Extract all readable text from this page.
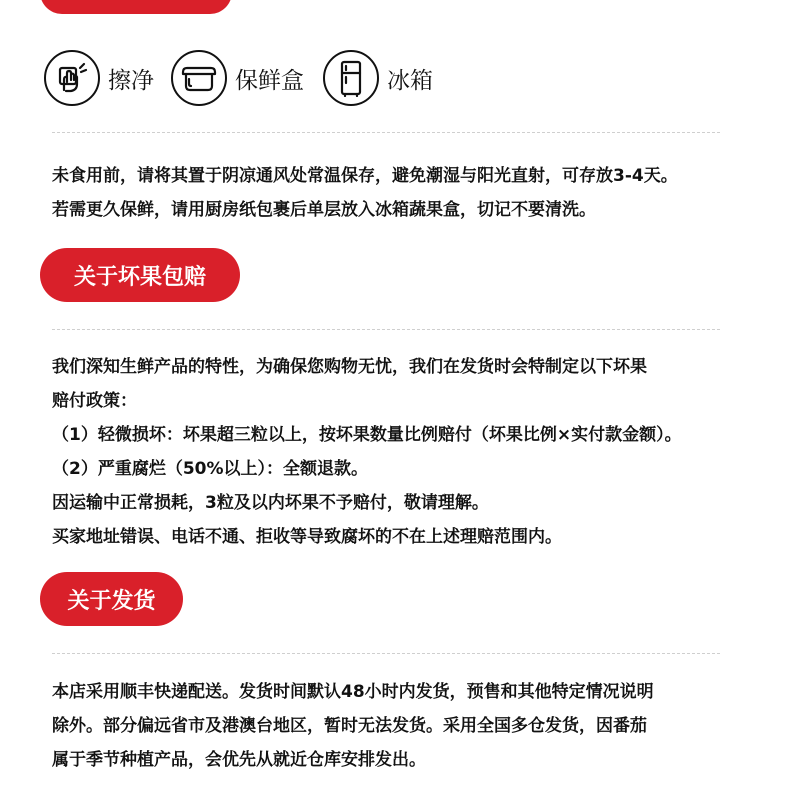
擦净	保鲜盒	冰箱

未食用前，请将其置于阴凉通风处常温保存，避免潮湿与阳光直射，可存放3-4天。

若需更久保鲜，请用厨房纸包裹后单层放入冰箱蔬果盒，切记不要清洗。

关于坏果包赔

我们深知生鲜产品的特性，为确保您购物无忧，我们在发货时会特制定以下坏果

赔付政策：

（1）轻微损坏：坏果超三粒以上，按坏果数量比例赔付（坏果比例×实付款金额）。

（2）严重腐烂（50%以上）：全额退款。

因运输中正常损耗，3粒及以内坏果不予赔付，敬请理解。

买家地址错误、电话不通、拒收等导致腐坏的不在上述理赔范围内。

关于发货

本店采用顺丰快递配送。发货时间默认48小时内发货，预售和其他特定情况说明

除外。部分偏远省市及港澳台地区，暂时无法发货。采用全国多仓发货，因番茄

属于季节种植产品，会优先从就近仓库安排发出。
